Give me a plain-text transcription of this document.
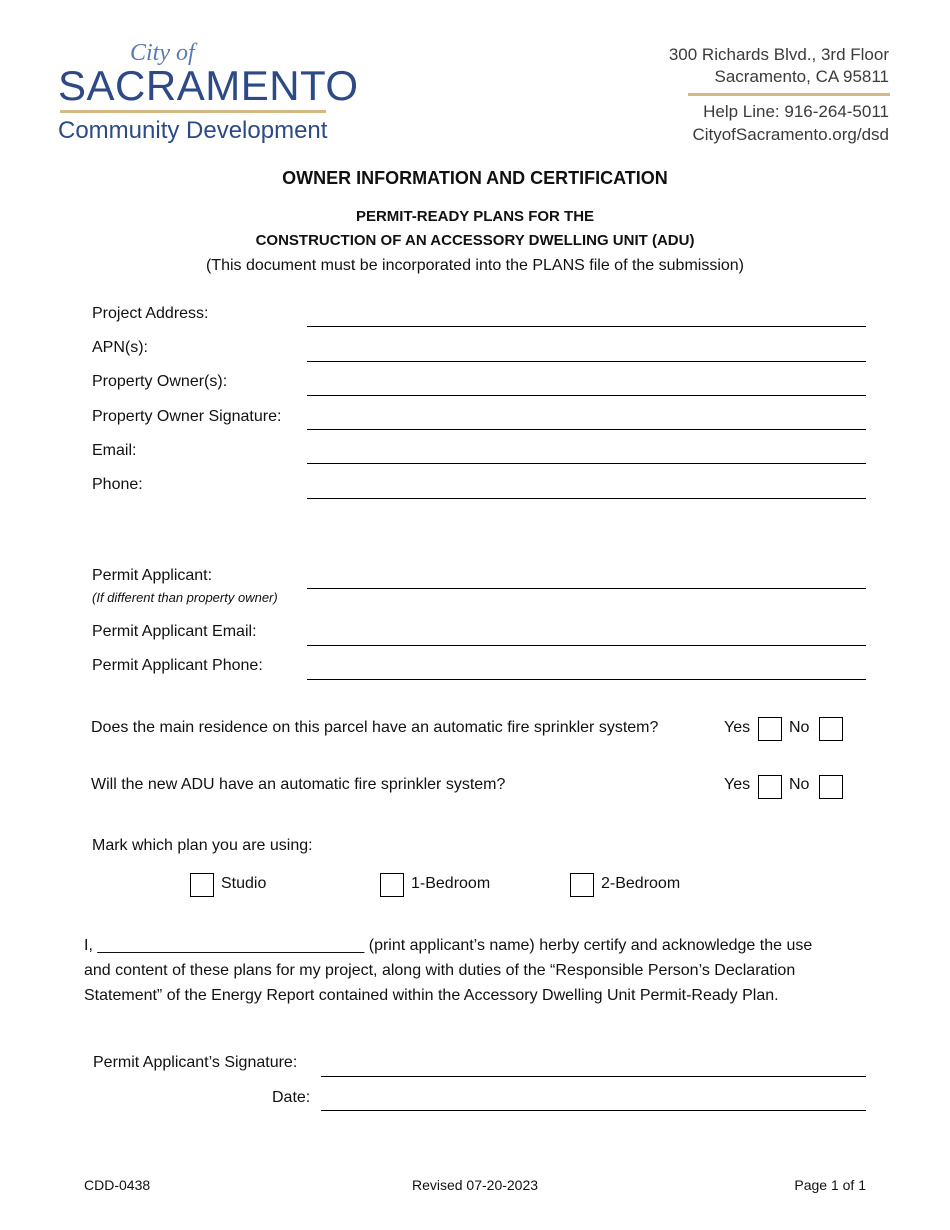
City of
SACRAMENTO
Community Development
300 Richards Blvd., 3rd Floor
Sacramento, CA 95811
Help Line: 916-264-5011
CityofSacramento.org/dsd
OWNER INFORMATION AND CERTIFICATION
PERMIT-READY PLANS FOR THE
CONSTRUCTION OF AN ACCESSORY DWELLING UNIT (ADU)
(This document must be incorporated into the PLANS file of the submission)
Project Address:
APN(s):
Property Owner(s):
Property Owner Signature:
Email:
Phone:
Permit Applicant:
(If different than property owner)
Permit Applicant Email:
Permit Applicant Phone:
Does the main residence on this parcel have an automatic fire sprinkler system?	Yes No
Will the new ADU have an automatic fire sprinkler system?	Yes No
Mark which plan you are using:
Studio	1-Bedroom	2-Bedroom
I, ______________________________ (print applicant’s name) herby certify and acknowledge the use
and content of these plans for my project, along with duties of the “Responsible Person’s Declaration
Statement” of the Energy Report contained within the Accessory Dwelling Unit Permit-Ready Plan.
Permit Applicant’s Signature:
Date:
CDD-0438	Revised 07-20-2023	Page 1 of 1
